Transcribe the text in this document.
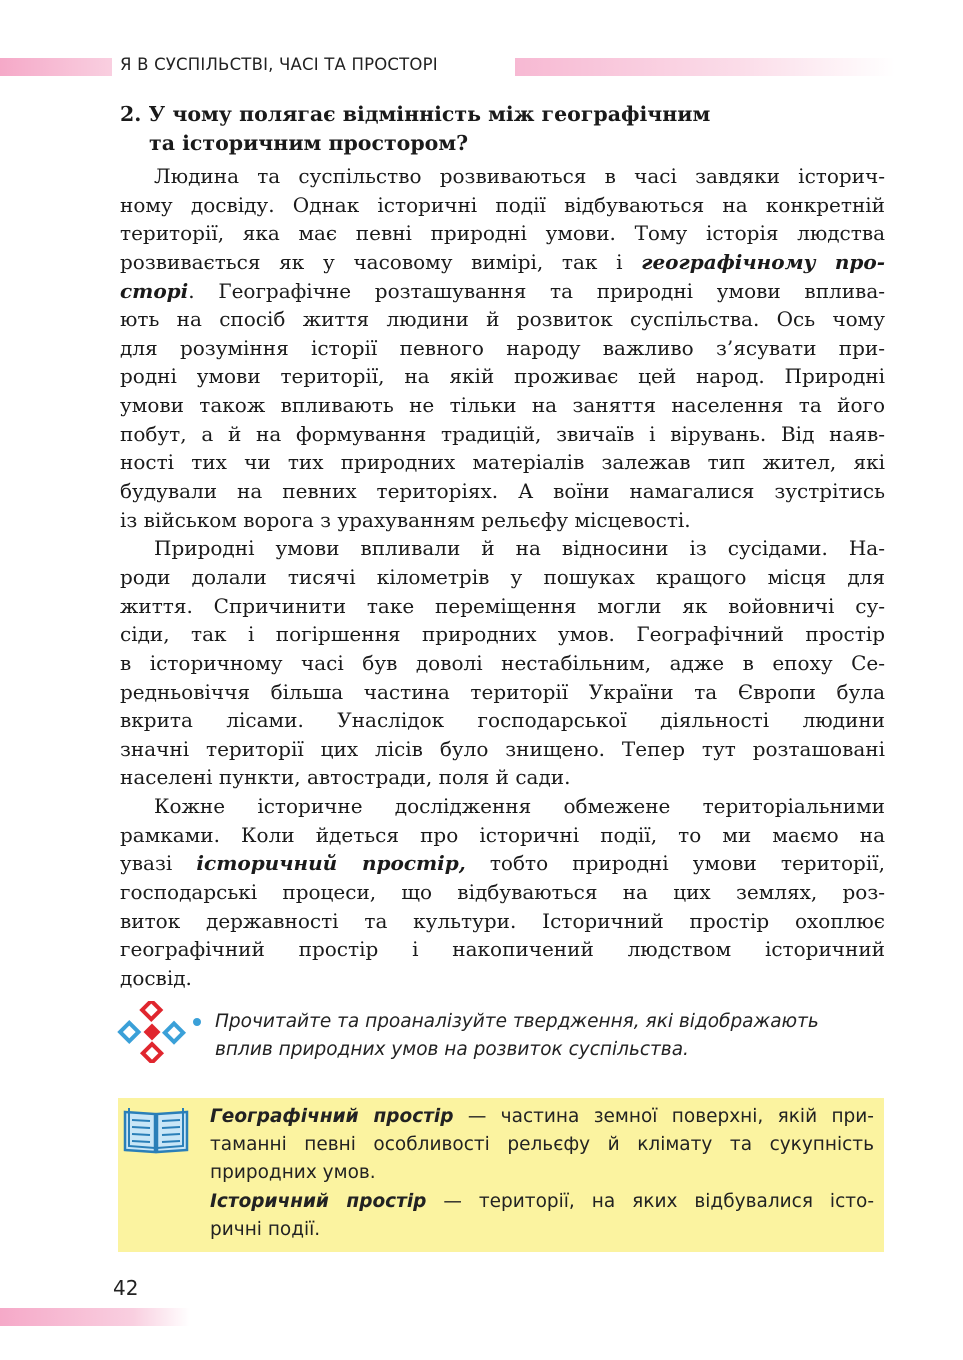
Я В СУСПІЛЬСТВІ, ЧАСІ ТА ПРОСТОРІ
2. У чому полягає відмінність між географічним
та історичним простором?
Людина та суспільство розвиваються в часі завдяки історич-
ному досвіду. Однак історичні події відбуваються на конкретній
території, яка має певні природні умови. Тому історія людства
розвивається як у часовому вимірі, так і географічному про-
сторі. Географічне розташування та природні умови вплива-
ють на спосіб життя людини й розвиток суспільства. Ось чому
для розуміння історії певного народу важливо з’ясувати при-
родні умови території, на якій проживає цей народ. Природні
умови також впливають не тільки на заняття населення та його
побут, а й на формування традицій, звичаїв і вірувань. Від наяв-
ності тих чи тих природних матеріалів залежав тип жител, які
будували на певних територіях. А воїни намагалися зустрітись
із військом ворога з урахуванням рельєфу місцевості.
Природні умови впливали й на відносини із сусідами. На-
роди долали тисячі кілометрів у пошуках кращого місця для
життя. Спричинити таке переміщення могли як войовничі су-
сіди, так і погіршення природних умов. Географічний простір
в історичному часі був доволі нестабільним, адже в епоху Се-
редньовіччя більша частина території України та Європи була
вкрита лісами. Унаслідок господарської діяльності людини
значні території цих лісів було знищено. Тепер тут розташовані
населені пункти, автостради, поля й сади.
Кожне історичне дослідження обмежене територіальними
рамками. Коли йдеться про історичні події, то ми маємо на
увазі історичний простір, тобто природні умови території,
господарські процеси, що відбуваються на цих землях, роз-
виток державності та культури. Історичний простір охоплює
географічний простір і накопичений людством історичний
досвід.
Прочитайте та проаналізуйте твердження, які відображають
вплив природних умов на розвиток суспільства.
Географічний простір — частина земної поверхні, якій при-
таманні певні особливості рельєфу й клімату та сукупність
природних умов.
Історичний простір — території, на яких відбувалися істо-
ричні події.
42
